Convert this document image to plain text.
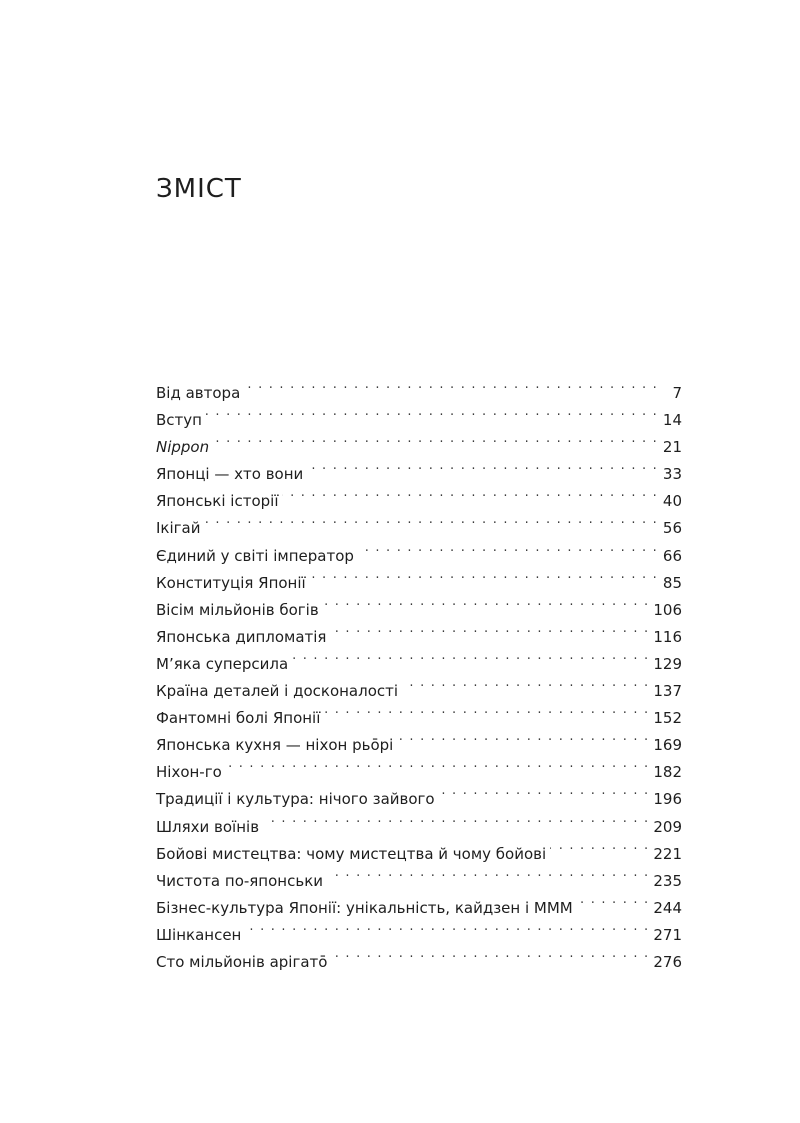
ЗМІСТ
Від автора . . .	7
Вступ . . .	14
Nippon . . .	21
Японці — хто вони . . .	33
Японські історії . . .	40
Ікігай . . .	56
Єдиний у світі імператор . . .	66
Конституція Японії . . .	85
Вісім мільйонів богів . . .	106
Японська дипломатія . . .	116
М’яка суперсила . . .	129
Країна деталей і досконалості . . .	137
Фантомні болі Японії . . .	152
Японська кухня — ніхон рьōрі . . .	169
Ніхон-го . . .	182
Традиції і культура: нічого зайвого . . .	196
Шляхи воїнів . . .	209
Бойові мистецтва: чому мистецтва й чому бойові . . .	221
Чистота по-японськи . . .	235
Бізнес-культура Японії: унікальність, кайдзен і МММ . . .	244
Шінкансен . . .	271
Сто мільйонів арігатō . . .	276
